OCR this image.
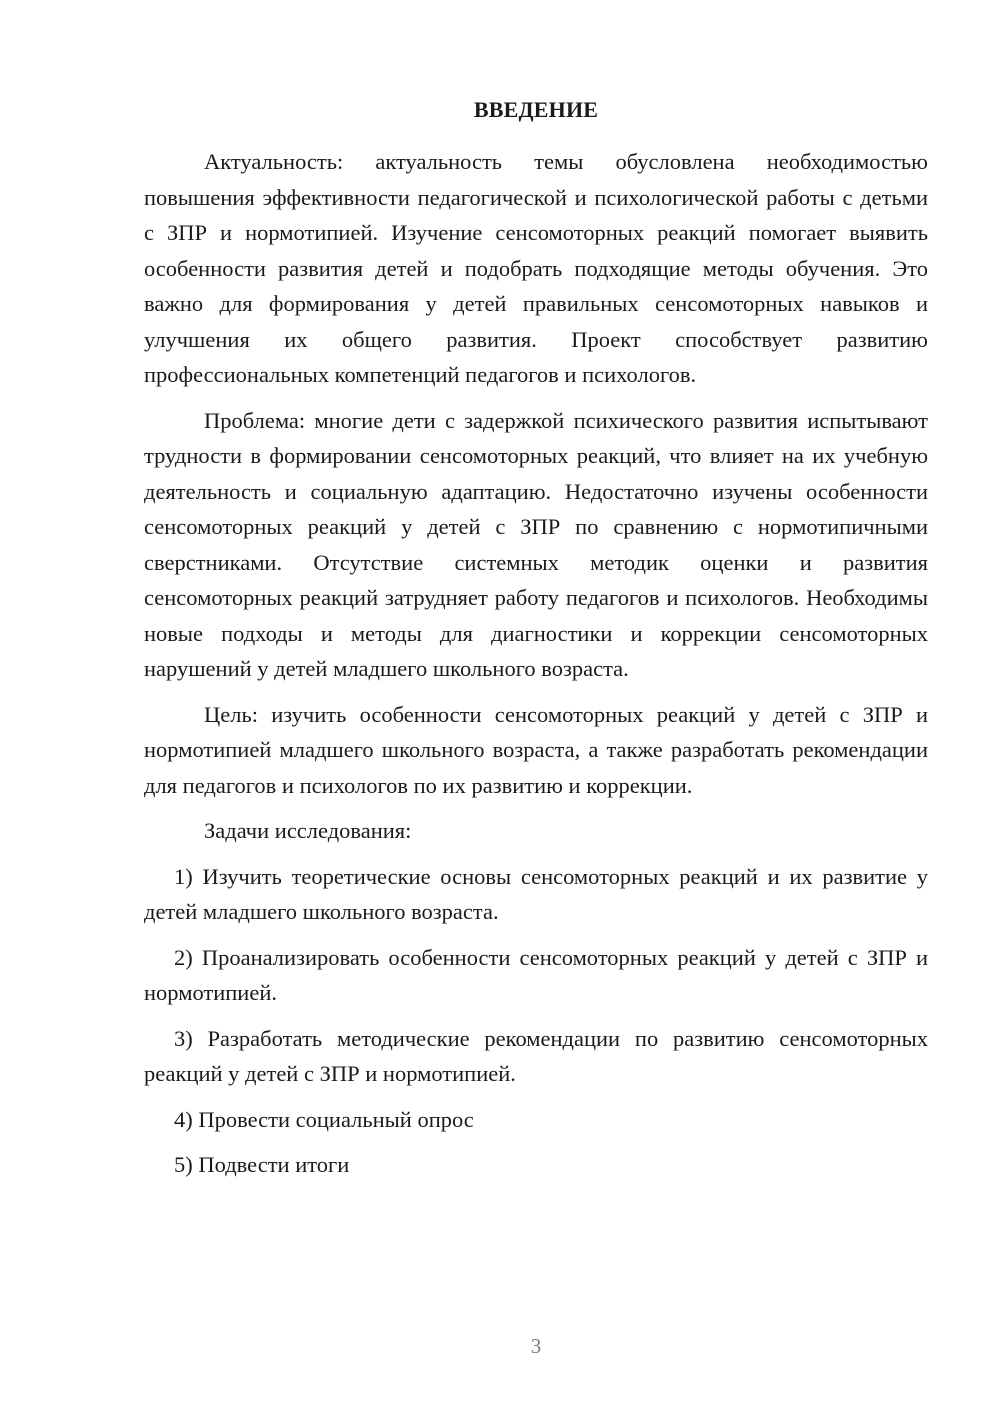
ВВЕДЕНИЕ

Актуальность: актуальность темы обусловлена необходимостью повышения эффективности педагогической и психологической работы с детьми с ЗПР и нормотипией. Изучение сенсомоторных реакций помогает выявить особенности развития детей и подобрать подходящие методы обучения. Это важно для формирования у детей правильных сенсомоторных навыков и улучшения их общего развития. Проект способствует развитию профессиональных компетенций педагогов и психологов.

Проблема: многие дети с задержкой психического развития испытывают трудности в формировании сенсомоторных реакций, что влияет на их учебную деятельность и социальную адаптацию. Недостаточно изучены особенности сенсомоторных реакций у детей с ЗПР по сравнению с нормотипичными сверстниками. Отсутствие системных методик оценки и развития сенсомоторных реакций затрудняет работу педагогов и психологов. Необходимы новые подходы и методы для диагностики и коррекции сенсомоторных нарушений у детей младшего школьного возраста.

Цель: изучить особенности сенсомоторных реакций у детей с ЗПР и нормотипией младшего школьного возраста, а также разработать рекомендации для педагогов и психологов по их развитию и коррекции.

Задачи исследования:

1) Изучить теоретические основы сенсомоторных реакций и их развитие у детей младшего школьного возраста.

2) Проанализировать особенности сенсомоторных реакций у детей с ЗПР и нормотипией.

3) Разработать методические рекомендации по развитию сенсомоторных реакций у детей с ЗПР и нормотипией.

4) Провести социальный опрос

5) Подвести итоги

3
